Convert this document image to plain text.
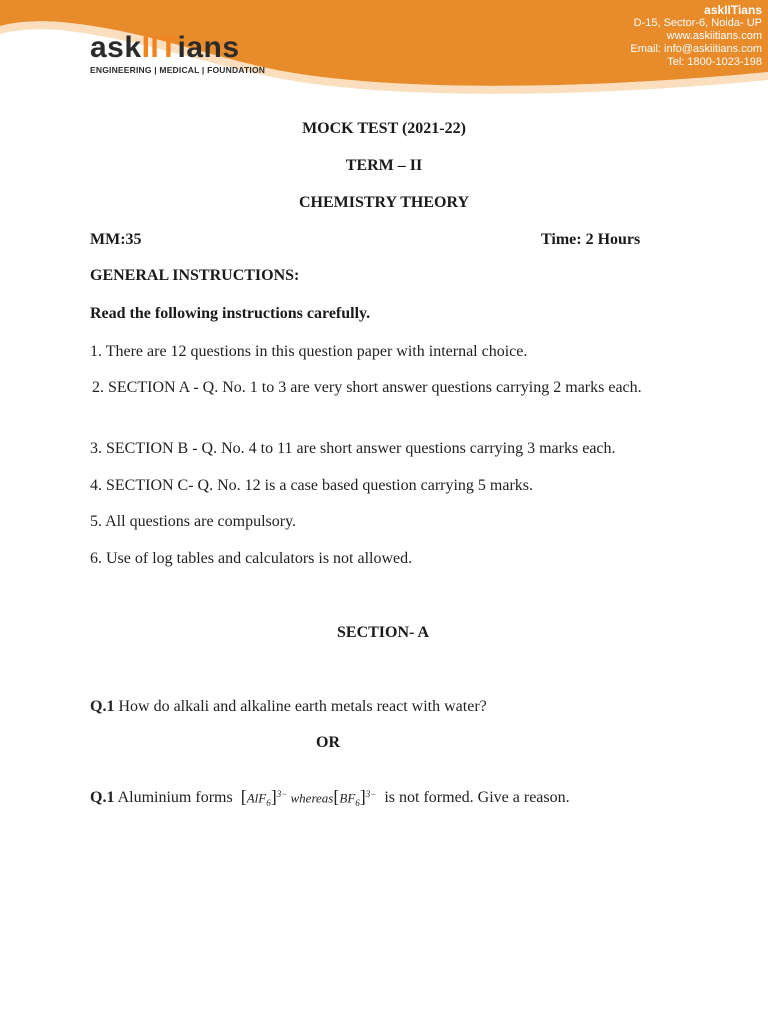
askIITians
ENGINEERING | MEDICAL | FOUNDATION
askIITians
D-15, Sector-6, Noida- UP
www.askiitians.com
Email: info@askiitians.com
Tel: 1800-1023-198
MOCK TEST (2021-22)
TERM – II
CHEMISTRY THEORY
MM:35	Time: 2 Hours
GENERAL INSTRUCTIONS:
Read the following instructions carefully.
1. There are 12 questions in this question paper with internal choice.
2. SECTION A - Q. No. 1 to 3 are very short answer questions carrying 2 marks each.
3. SECTION B - Q. No. 4 to 11 are short answer questions carrying 3 marks each.
4. SECTION C- Q. No. 12 is a case based question carrying 5 marks.
5. All questions are compulsory.
6. Use of log tables and calculators is not allowed.
SECTION- A
Q.1 How do alkali and alkaline earth metals react with water?
OR
Q.1 Aluminium forms $[AlF_6]^{3-}$ $whereas[BF_6]^{3-}$ is not formed. Give a reason.
